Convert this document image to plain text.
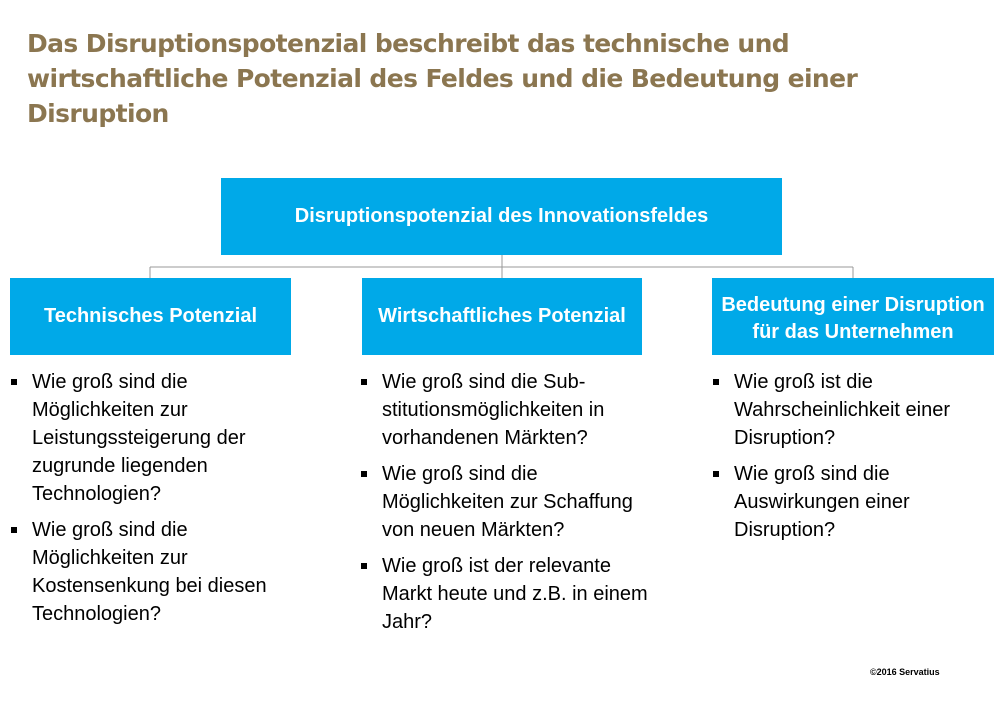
Das Disruptionspotenzial beschreibt das technische und wirtschaftliche Potenzial des Feldes und die Bedeutung einer Disruption
Disruptionspotenzial des Innovationsfeldes
Technisches Potenzial	Wirtschaftliches Potenzial
Bedeutung einer Disruption für das Unternehmen
Wie groß sind die Möglichkeiten zur Leistungssteigerung der zugrunde liegenden Technologien?
Wie groß sind die Möglichkeiten zur Kostensenkung bei diesen Technologien?
Wie groß sind die Sub-stitutionsmöglichkeiten in vorhandenen Märkten?
Wie groß sind die Möglichkeiten zur Schaffung von neuen Märkten?
Wie groß ist der relevante Markt heute und z.B. in einem Jahr?
Wie groß ist die Wahrscheinlichkeit einer Disruption?
Wie groß sind die Auswirkungen einer Disruption?
©2016 Servatius
